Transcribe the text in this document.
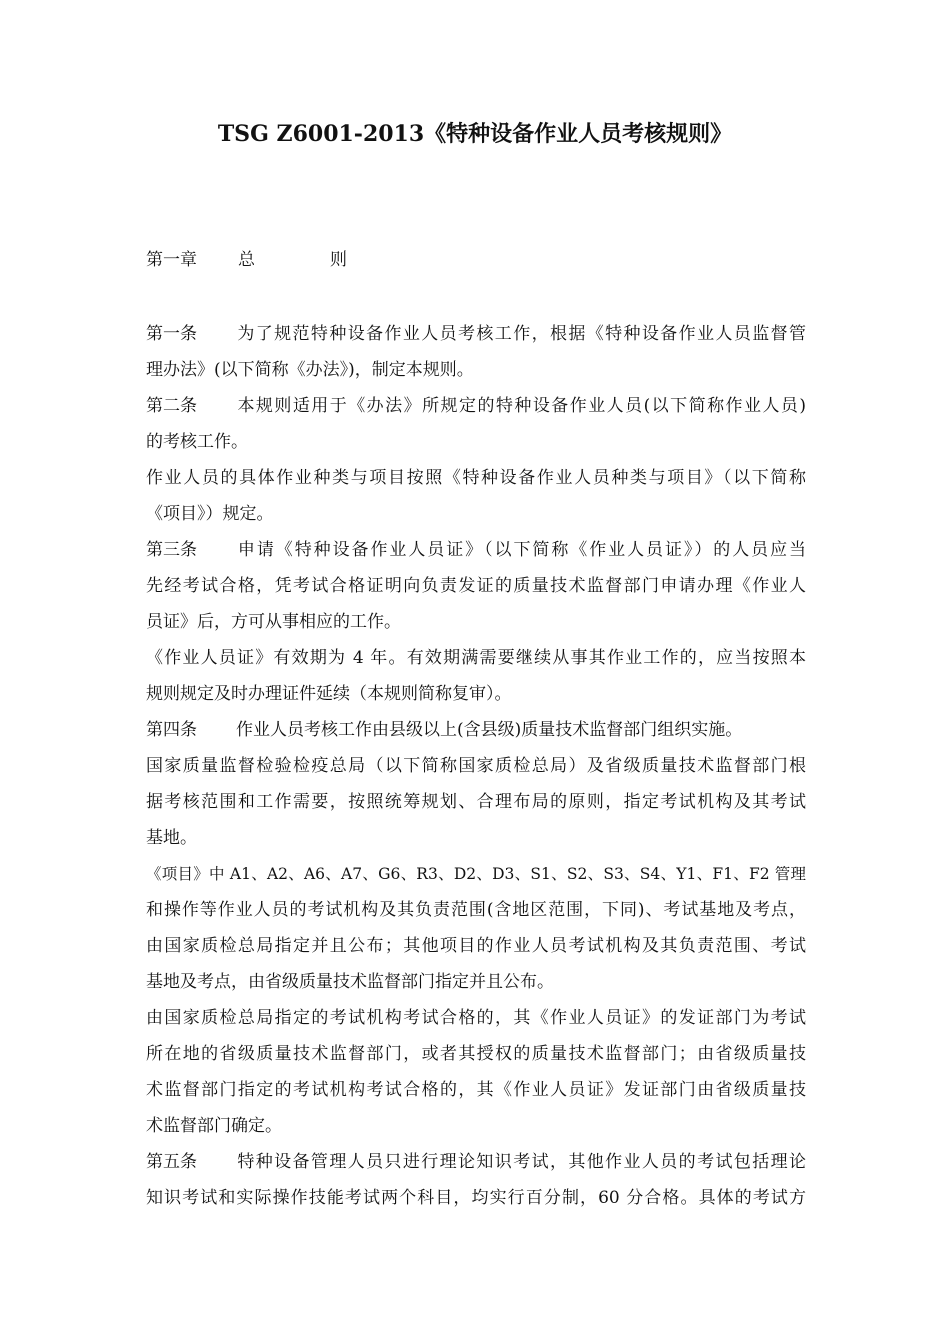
TSG Z6001-2013《特种设备作业人员考核规则》
第一章 总	则
第一条 为了规范特种设备作业人员考核工作，根据《特种设备作业人员监督管
理办法》(以下简称《办法》)，制定本规则。
第二条 本规则适用于《办法》所规定的特种设备作业人员(以下简称作业人员)
的考核工作。
作业人员的具体作业种类与项目按照《特种设备作业人员种类与项目》（以下简称
《项目》）规定。
第三条 申请《特种设备作业人员证》（以下简称《作业人员证》）的人员应当
先经考试合格，凭考试合格证明向负责发证的质量技术监督部门申请办理《作业人
员证》后，方可从事相应的工作。
《作业人员证》有效期为 4 年。有效期满需要继续从事其作业工作的，应当按照本
规则规定及时办理证件延续（本规则简称复审）。
第四条 作业人员考核工作由县级以上(含县级)质量技术监督部门组织实施。
国家质量监督检验检疫总局（以下简称国家质检总局）及省级质量技术监督部门根
据考核范围和工作需要，按照统筹规划、合理布局的原则，指定考试机构及其考试
基地。
《项目》中 A1、A2、A6、A7、G6、R3、D2、D3、S1、S2、S3、S4、Y1、F1、F2 管理
和操作等作业人员的考试机构及其负责范围(含地区范围，下同)、考试基地及考点，
由国家质检总局指定并且公布；其他项目的作业人员考试机构及其负责范围、考试
基地及考点，由省级质量技术监督部门指定并且公布。
由国家质检总局指定的考试机构考试合格的，其《作业人员证》的发证部门为考试
所在地的省级质量技术监督部门，或者其授权的质量技术监督部门；由省级质量技
术监督部门指定的考试机构考试合格的，其《作业人员证》发证部门由省级质量技
术监督部门确定。
第五条 特种设备管理人员只进行理论知识考试，其他作业人员的考试包括理论
知识考试和实际操作技能考试两个科目，均实行百分制，60 分合格。具体的考试方
